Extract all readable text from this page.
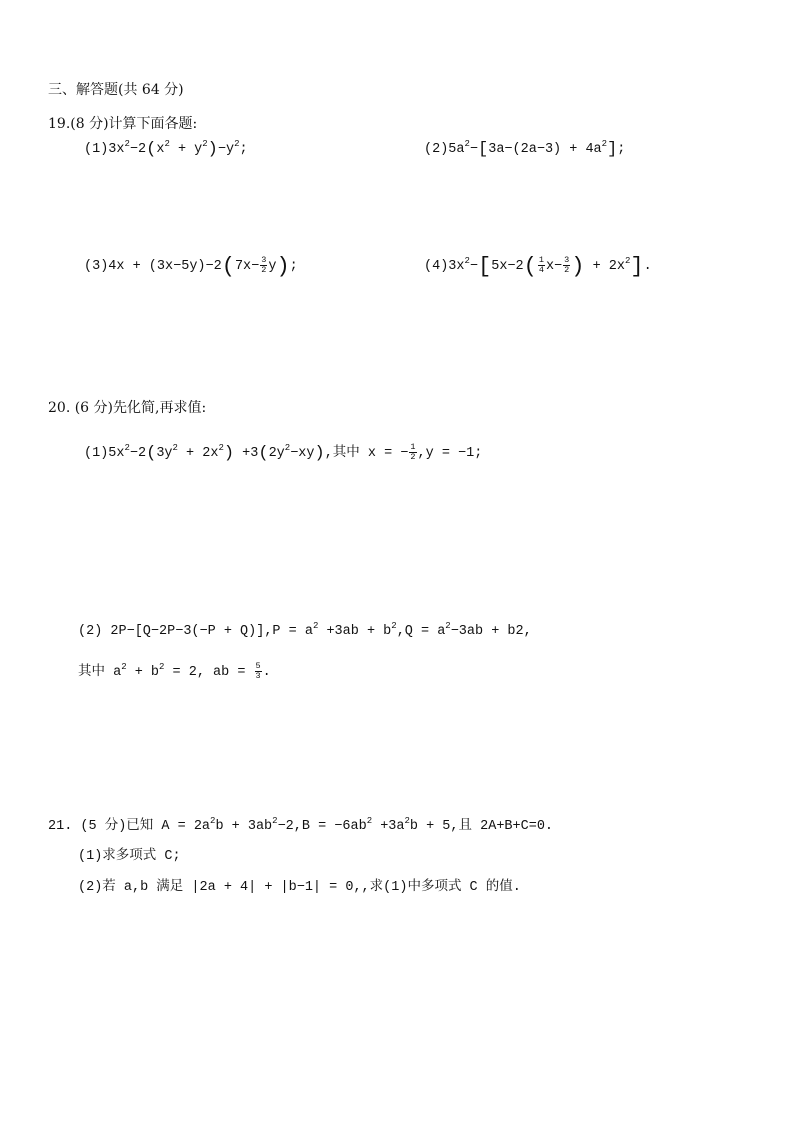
三、解答题(共 64 分)
19.(8 分)计算下面各题:
$(1)3x^2-2(x^2 + y^2)-y^2$;	$(2)5a^2-[3a-(2a-3) + 4a^2]$;
$(3)4x + (3x-5y)-2(7x- \frac{3}{2} y)$;	$(4)3x^2-[5x-2( \frac{1}{4} x- \frac{3}{2}$ ) + $2x^2$].
20. (6 分)先化简,再求值:
$(1)5x^2-2(3y^2 + 2x^2) +3(2y^2-xy)$,其中 x = − $\frac{1}{2} ,y = -1$;
(2) $2P-[Q-2P-3(-P + Q)],P = a^2 +3ab + b^2,Q = a^2-3ab + b2$,
其中 $a^2 + b^2 = 2$, ab = $\frac{5}{3}$ .
21. (5 分)已知 $A = 2a^2b + 3ab^2-2,B = -6ab^2 +3a^2b + 5$,且 2A+B+C=0.
(1)求多项式 C;
(2)若 a,b 满足 |2a + 4| + |b−1| = 0,,求(1)中多项式 C 的值.
